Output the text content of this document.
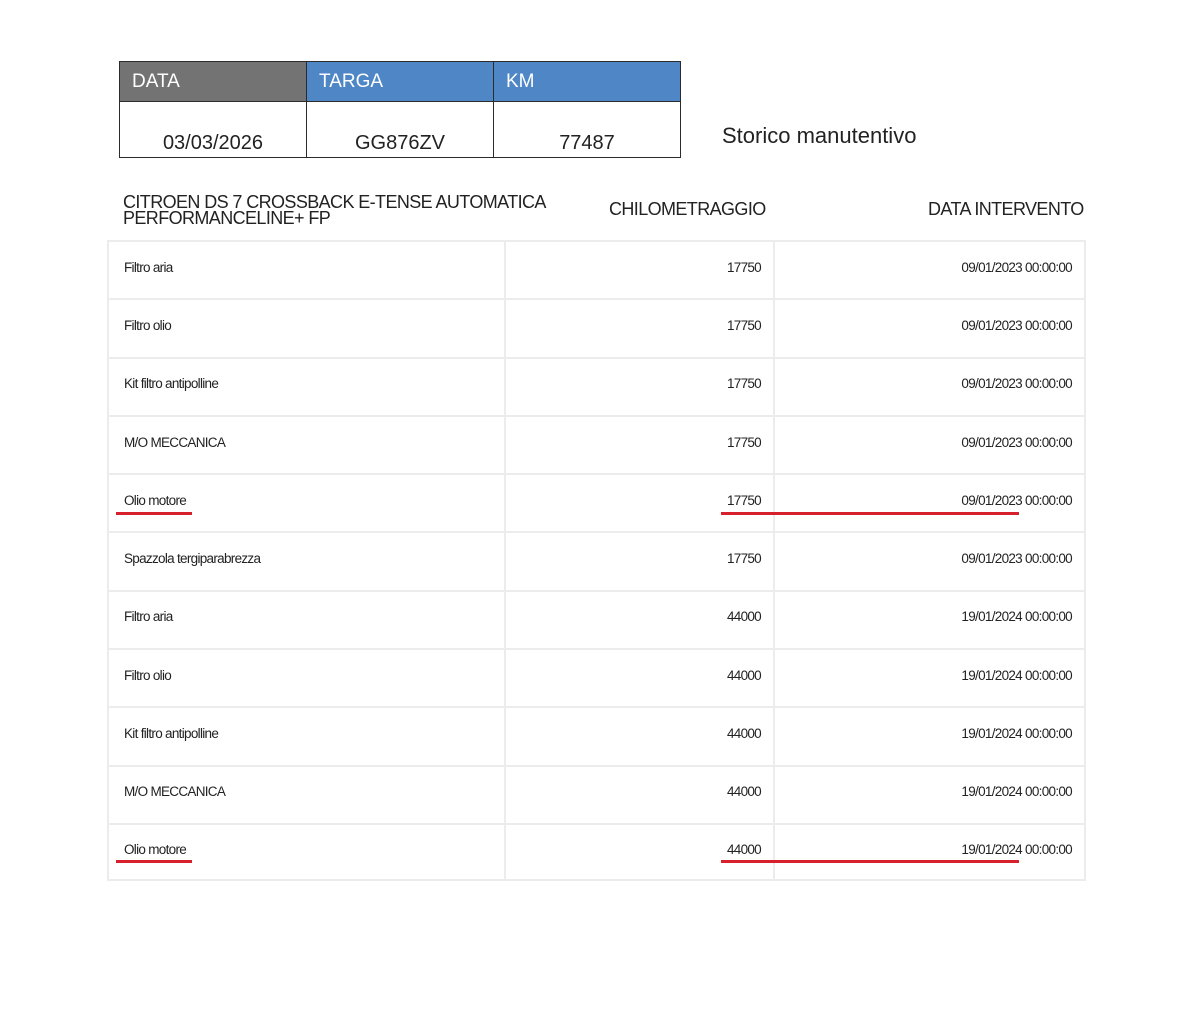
DATA	TARGA	KM
03/03/2026	GG876ZV	77487	Storico manutentivo
CITROEN DS 7 CROSSBACK E-TENSE AUTOMATICA PERFORMANCELINE+ FP	CHILOMETRAGGIO	DATA INTERVENTO
Filtro aria	17750	09/01/2023 00:00:00
Filtro olio	17750	09/01/2023 00:00:00
Kit filtro antipolline	17750	09/01/2023 00:00:00
M/O MECCANICA	17750	09/01/2023 00:00:00
Olio motore	17750	09/01/2023 00:00:00
Spazzola tergiparabrezza	17750	09/01/2023 00:00:00
Filtro aria	44000	19/01/2024 00:00:00
Filtro olio	44000	19/01/2024 00:00:00
Kit filtro antipolline	44000	19/01/2024 00:00:00
M/O MECCANICA	44000	19/01/2024 00:00:00
Olio motore	44000	19/01/2024 00:00:00
